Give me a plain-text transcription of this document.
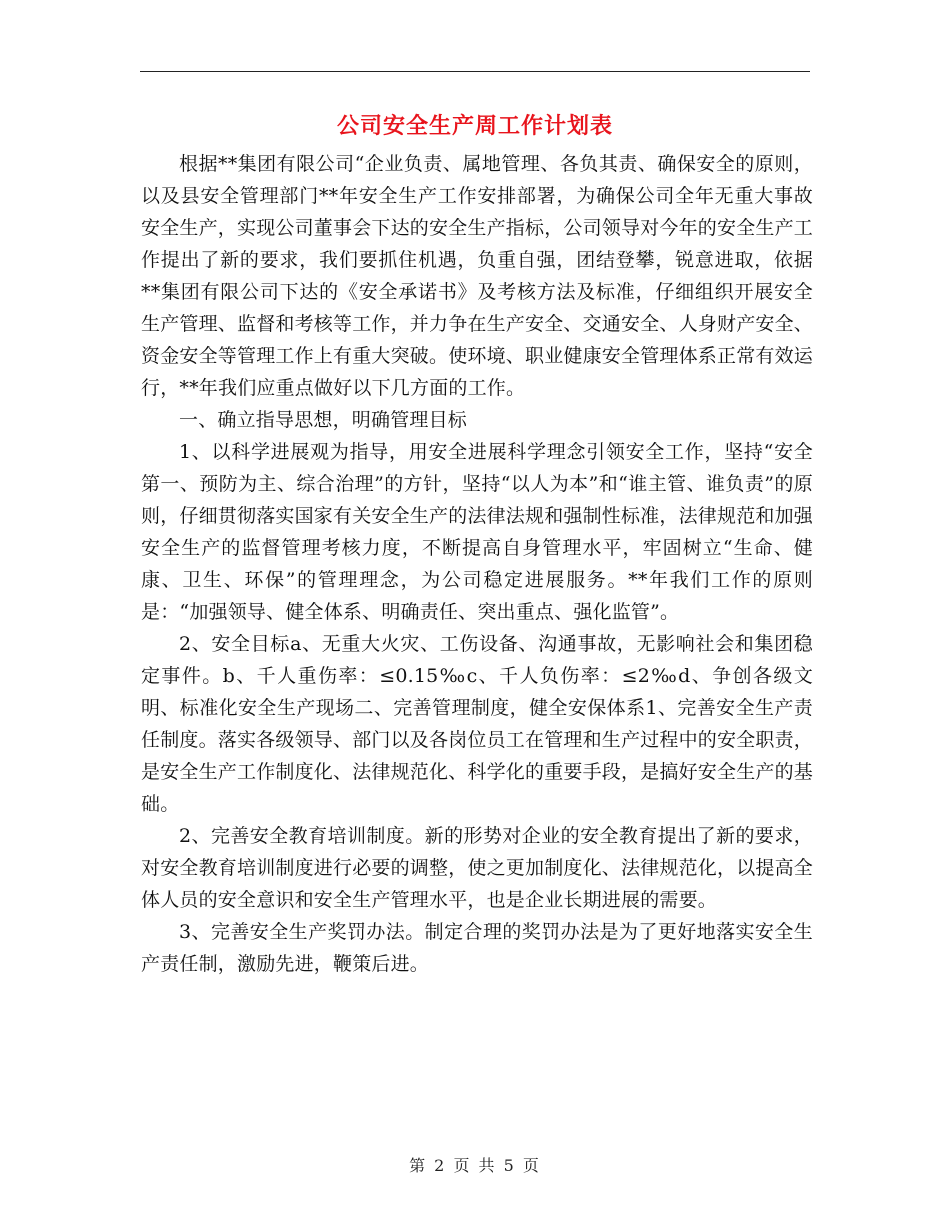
公司安全生产周工作计划表

根据**集团有限公司“企业负责、属地管理、各负其责、确保安全的原则，以及县安全管理部门**年安全生产工作安排部署，为确保公司全年无重大事故安全生产，实现公司董事会下达的安全生产指标，公司领导对今年的安全生产工作提出了新的要求，我们要抓住机遇，负重自强，团结登攀，锐意进取，依据**集团有限公司下达的《安全承诺书》及考核方法及标准，仔细组织开展安全生产管理、监督和考核等工作，并力争在生产安全、交通安全、人身财产安全、资金安全等管理工作上有重大突破。使环境、职业健康安全管理体系正常有效运行，**年我们应重点做好以下几方面的工作。

一、确立指导思想，明确管理目标

1、以科学进展观为指导，用安全进展科学理念引领安全工作，坚持“安全第一、预防为主、综合治理”的方针，坚持“以人为本”和“谁主管、谁负责”的原则，仔细贯彻落实国家有关安全生产的法律法规和强制性标准，法律规范和加强安全生产的监督管理考核力度，不断提高自身管理水平，牢固树立“生命、健康、卫生、环保”的管理理念，为公司稳定进展服务。**年我们工作的原则是：“加强领导、健全体系、明确责任、突出重点、强化监管”。

2、安全目标a、无重大火灾、工伤设备、沟通事故，无影响社会和集团稳定事件。b、千人重伤率：≤0.15‰c、千人负伤率：≤2‰d、争创各级文明、标准化安全生产现场二、完善管理制度，健全安保体系1、完善安全生产责任制度。落实各级领导、部门以及各岗位员工在管理和生产过程中的安全职责，是安全生产工作制度化、法律规范化、科学化的重要手段，是搞好安全生产的基础。

2、完善安全教育培训制度。新的形势对企业的安全教育提出了新的要求，对安全教育培训制度进行必要的调整，使之更加制度化、法律规范化，以提高全体人员的安全意识和安全生产管理水平，也是企业长期进展的需要。

3、完善安全生产奖罚办法。制定合理的奖罚办法是为了更好地落实安全生产责任制，激励先进，鞭策后进。

第 2 页 共 5 页
